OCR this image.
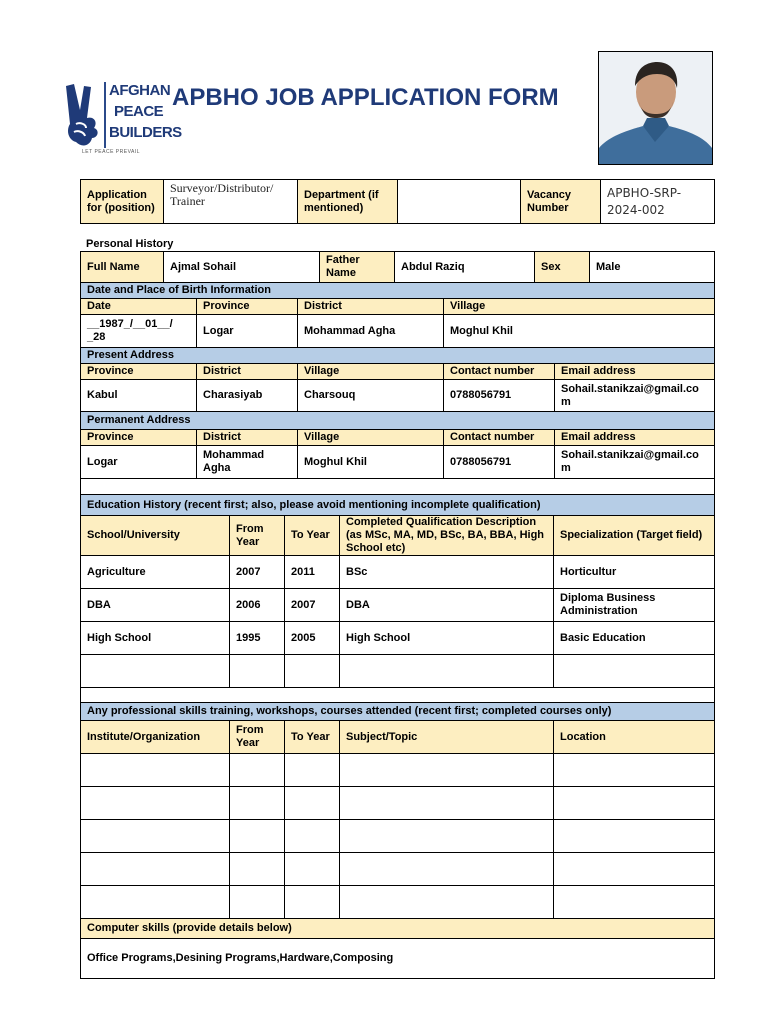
AFGHAN
PEACE
BUILDERS
LET PEACE PREVAIL
APBHO JOB APPLICATION FORM
Application for (position)	Surveyor/Distributor/ Trainer	Department (if mentioned)		Vacancy Number	APBHO-SRP-2024-002
Personal History
Full Name	Ajmal Sohail	Father Name	Abdul Raziq	Sex	Male
Date and Place of Birth Information				
Date	Province	District	Village	
__1987_/__01__/ _28	Logar	Mohammad Agha	Moghul Khil	
Present Address				
Province	District	Village	Contact number	Email address
Kabul	Charasiyab	Charsouq	0788056791	Sohail.stanikzai@gmail.co m
Permanent Address				
Province	District	Village	Contact number	Email address
Logar	Mohammad Agha	Moghul Khil	0788056791	Sohail.stanikzai@gmail.co m

Education History (recent first; also, please avoid mentioning incomplete qualification)				
School/University	From Year	To Year	Completed Qualification Description (as MSc, MA, MD, BSc, BA, BBA, High School etc)	Specialization (Target field)
Agriculture	2007	2011	BSc	Horticultur
DBA	2006	2007	DBA	Diploma Business Administration
High School	1995	2005	High School	Basic Education

Any professional skills training, workshops, courses attended (recent first; completed courses only)				
Institute/Organization	From Year	To Year	Subject/Topic	Location

Computer skills (provide details below)				
Office Programs,Desining Programs,Hardware,Composing				
